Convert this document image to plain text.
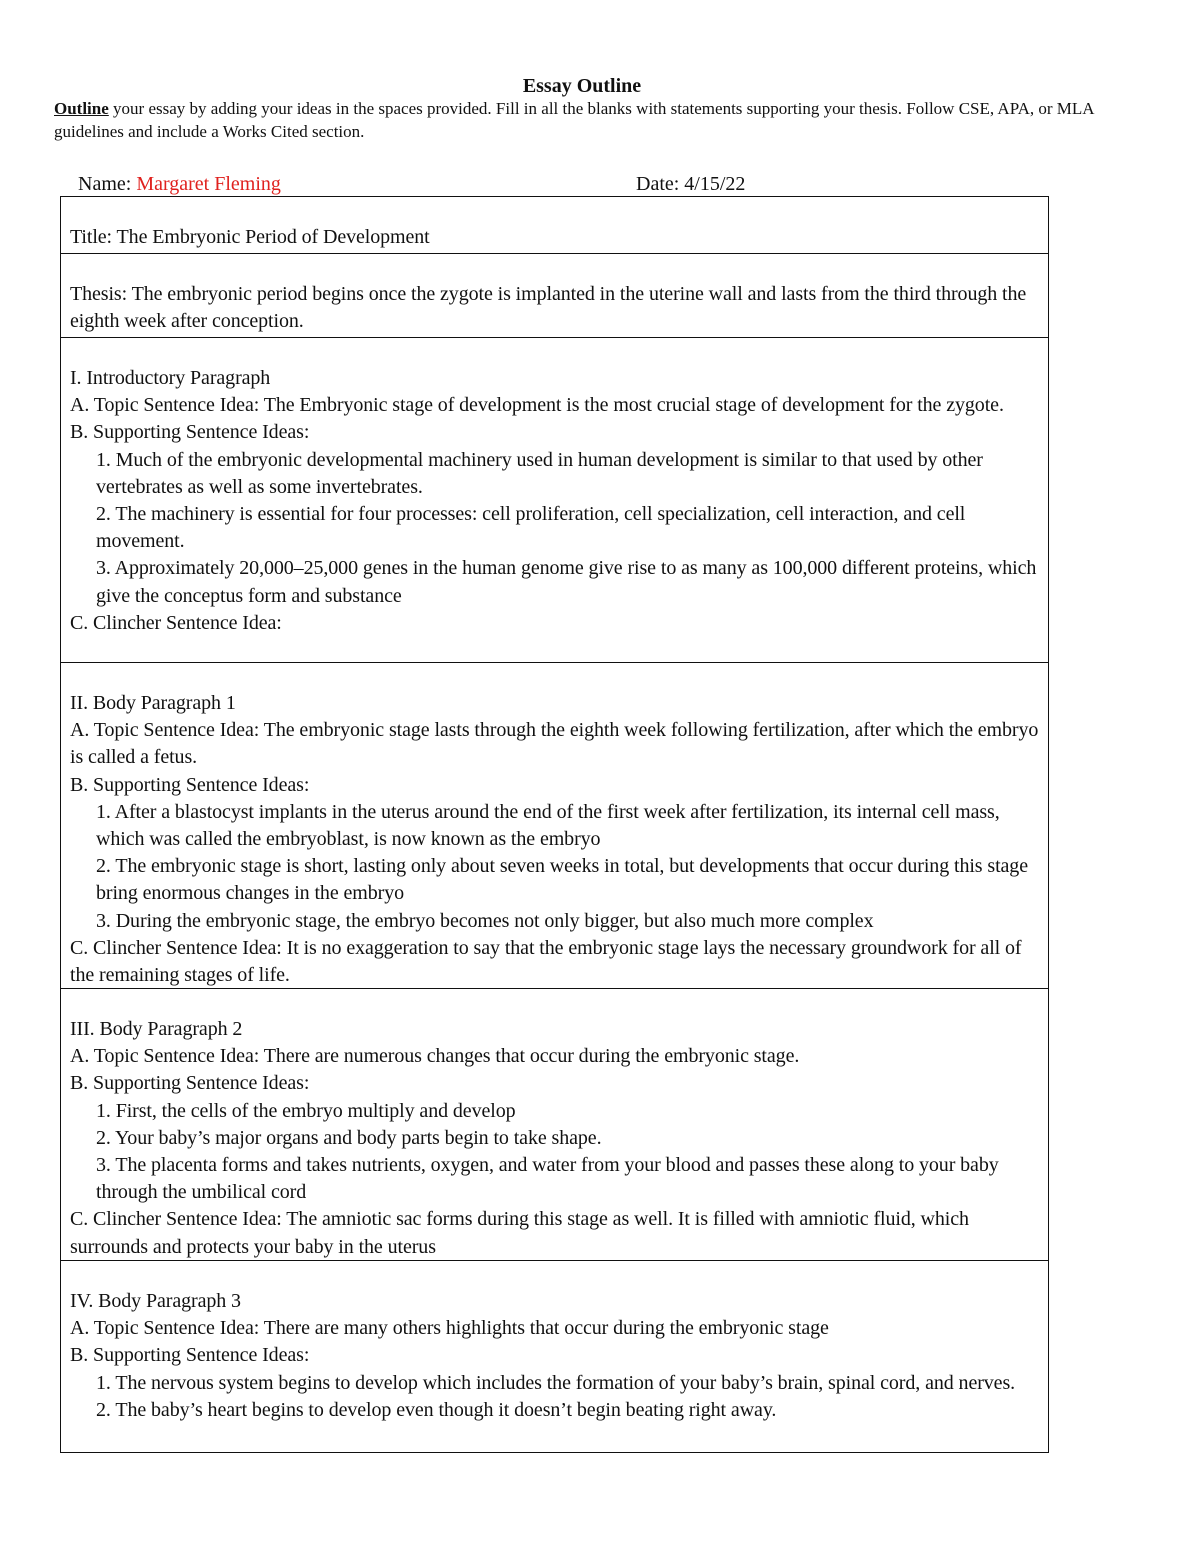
Essay Outline
Outline your essay by adding your ideas in the spaces provided. Fill in all the blanks with statements supporting your thesis. Follow CSE, APA, or MLA guidelines and include a Works Cited section.
Name: Margaret Fleming	Date: 4/15/22
Title: The Embryonic Period of Development
Thesis: The embryonic period begins once the zygote is implanted in the uterine wall and lasts from the third through the eighth week after conception.
I. Introductory Paragraph
A. Topic Sentence Idea: The Embryonic stage of development is the most crucial stage of development for the zygote.
B. Supporting Sentence Ideas:
1. Much of the embryonic developmental machinery used in human development is similar to that used by other vertebrates as well as some invertebrates.
2. The machinery is essential for four processes: cell proliferation, cell specialization, cell interaction, and cell movement.
3. Approximately 20,000–25,000 genes in the human genome give rise to as many as 100,000 different proteins, which give the conceptus form and substance
C. Clincher Sentence Idea:
II. Body Paragraph 1
A. Topic Sentence Idea: The embryonic stage lasts through the eighth week following fertilization, after which the embryo is called a fetus.
B. Supporting Sentence Ideas:
1. After a blastocyst implants in the uterus around the end of the first week after fertilization, its internal cell mass, which was called the embryoblast, is now known as the embryo
2. The embryonic stage is short, lasting only about seven weeks in total, but developments that occur during this stage bring enormous changes in the embryo
3. During the embryonic stage, the embryo becomes not only bigger, but also much more complex
C. Clincher Sentence Idea: It is no exaggeration to say that the embryonic stage lays the necessary groundwork for all of the remaining stages of life.
III. Body Paragraph 2
A. Topic Sentence Idea: There are numerous changes that occur during the embryonic stage.
B. Supporting Sentence Ideas:
1. First, the cells of the embryo multiply and develop
2. Your baby’s major organs and body parts begin to take shape.
3. The placenta forms and takes nutrients, oxygen, and water from your blood and passes these along to your baby through the umbilical cord
C. Clincher Sentence Idea: The amniotic sac forms during this stage as well. It is filled with amniotic fluid, which surrounds and protects your baby in the uterus
IV. Body Paragraph 3
A. Topic Sentence Idea: There are many others highlights that occur during the embryonic stage
B. Supporting Sentence Ideas:
1. The nervous system begins to develop which includes the formation of your baby’s brain, spinal cord, and nerves.
2. The baby’s heart begins to develop even though it doesn’t begin beating right away.
